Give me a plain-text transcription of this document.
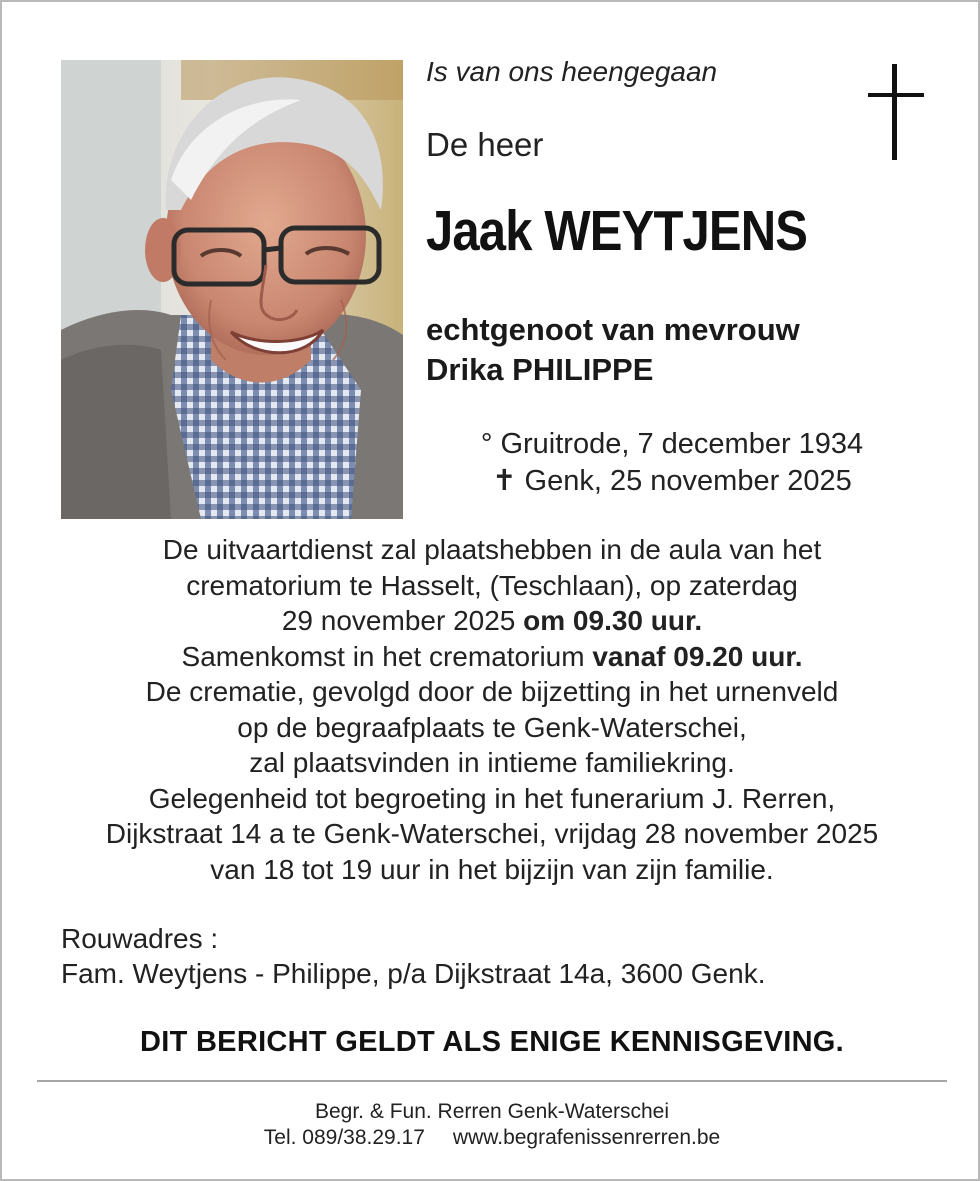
Is van ons heengegaan
De heer
Jaak WEYTJENS
echtgenoot van mevrouw
Drika PHILIPPE
° Gruitrode, 7 december 1934
✝ Genk, 25 november 2025

De uitvaartdienst zal plaatshebben in de aula van het

crematorium te Hasselt, (Teschlaan), op zaterdag

29 november 2025 om 09.30 uur.

Samenkomst in het crematorium vanaf 09.20 uur.

De crematie, gevolgd door de bijzetting in het urnenveld

op de begraafplaats te Genk-Waterschei,

zal plaatsvinden in intieme familiekring.

Gelegenheid tot begroeting in het funerarium J. Rerren,

Dijkstraat 14 a te Genk-Waterschei, vrijdag 28 november 2025

van 18 tot 19 uur in het bijzijn van zijn familie.

Rouwadres :

Fam. Weytjens - Philippe, p/a Dijkstraat 14a, 3600 Genk.

DIT BERICHT GELDT ALS ENIGE KENNISGEVING.

Begr. & Fun. Rerren Genk-Waterschei

Tel. 089/38.29.17 www.begrafenissenrerren.be
